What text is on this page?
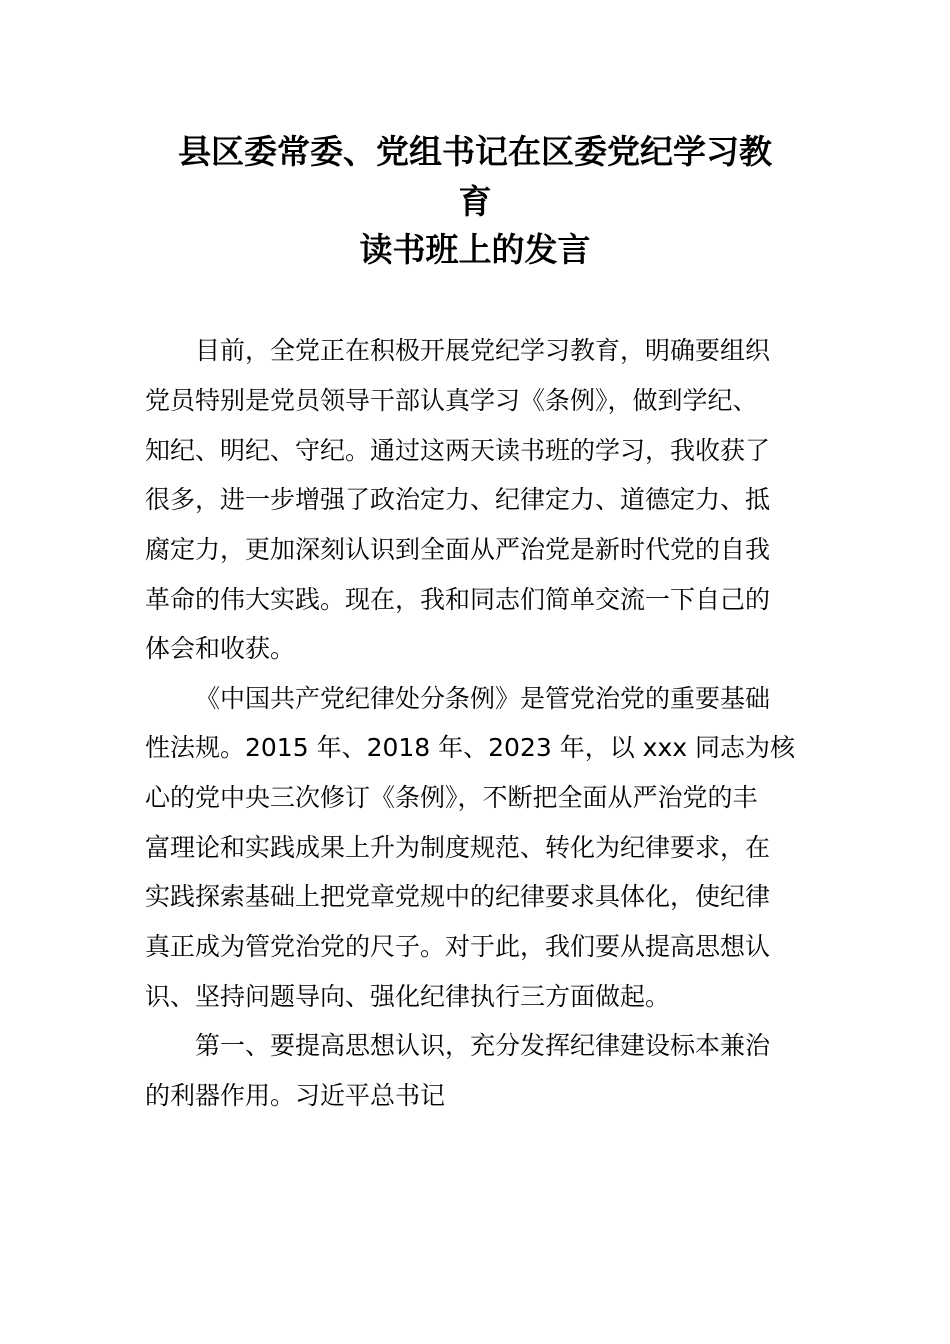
县区委常委、党组书记在区委党纪学习教
育
读书班上的发言
目前，全党正在积极开展党纪学习教育，明确要组织
党员特别是党员领导干部认真学习《条例》，做到学纪、
知纪、明纪、守纪。通过这两天读书班的学习，我收获了
很多，进一步增强了政治定力、纪律定力、道德定力、抵
腐定力，更加深刻认识到全面从严治党是新时代党的自我
革命的伟大实践。现在，我和同志们简单交流一下自己的
体会和收获。
《中国共产党纪律处分条例》是管党治党的重要基础
性法规。2015 年、2018 年、2023 年，以 xxx 同志为核
心的党中央三次修订《条例》，不断把全面从严治党的丰
富理论和实践成果上升为制度规范、转化为纪律要求，在
实践探索基础上把党章党规中的纪律要求具体化，使纪律
真正成为管党治党的尺子。对于此，我们要从提高思想认
识、坚持问题导向、强化纪律执行三方面做起。
第一、要提高思想认识，充分发挥纪律建设标本兼治
的利器作用。习近平总书记
